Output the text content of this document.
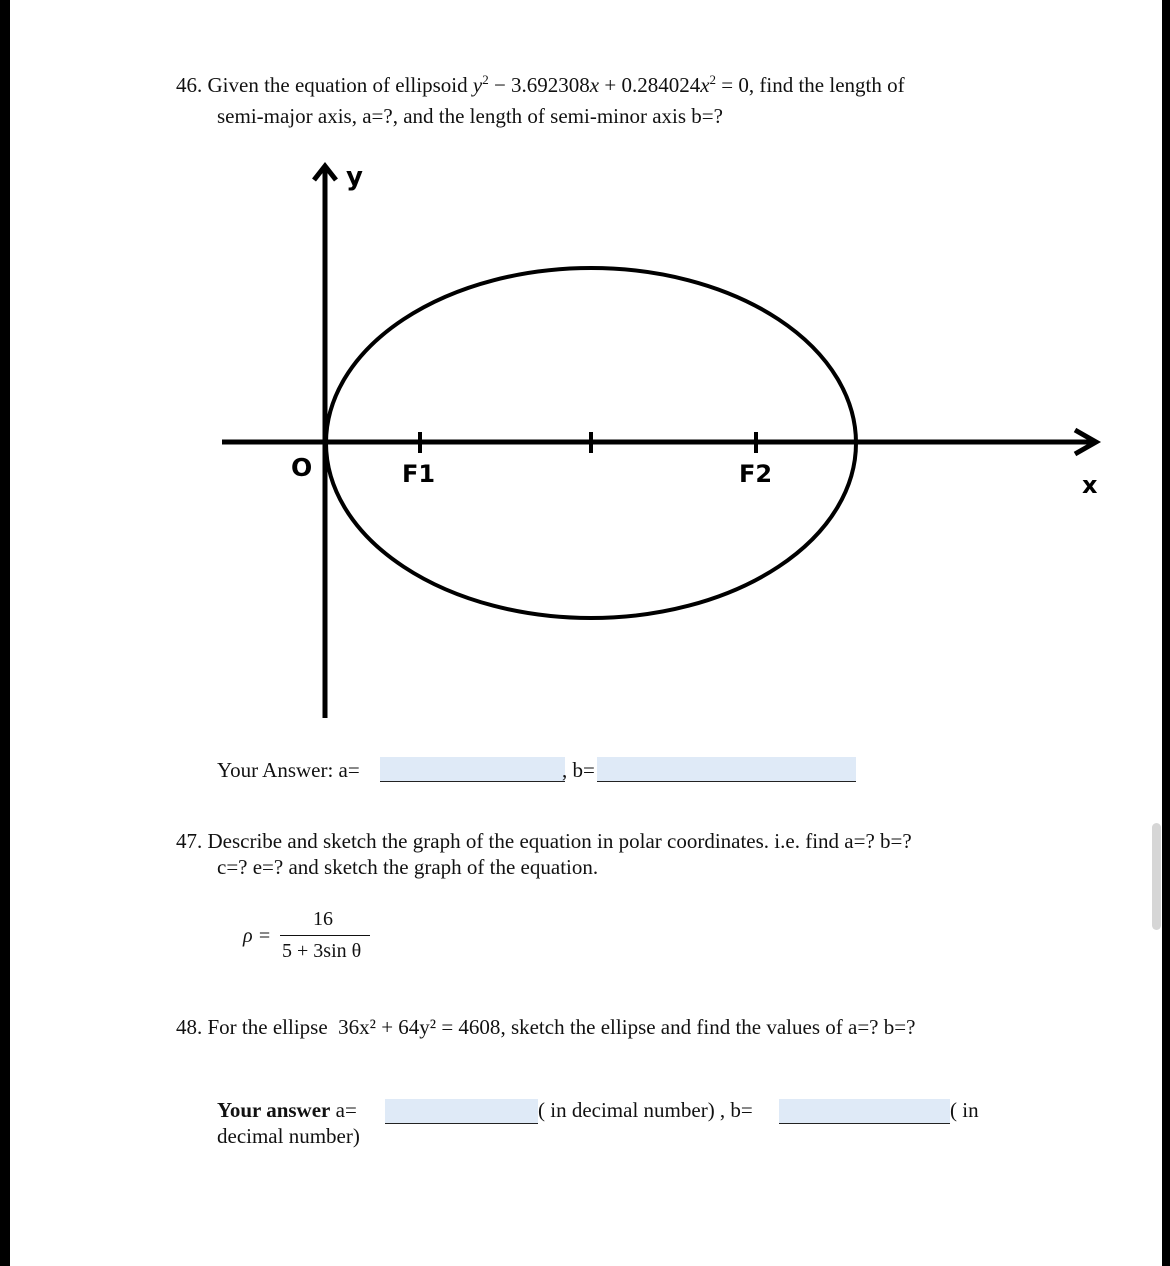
46. Given the equation of ellipsoid $y^2 - 3.692308x + 0.284024x^2 = 0$, find the length of
semi-major axis, a=?, and the length of semi-minor axis b=?
y
x
O	F1	F2
Your Answer: a=	, b=
47. Describe and sketch the graph of the equation in polar coordinates. i.e. find a=? b=?
c=? e=? and sketch the graph of the equation.
ρ =
16
5 + 3sin θ
48. For the ellipse 36x² + 64y² = 4608, sketch the ellipse and find the values of a=? b=?
Your answer a=	( in decimal number) , b=	( in
decimal number)
